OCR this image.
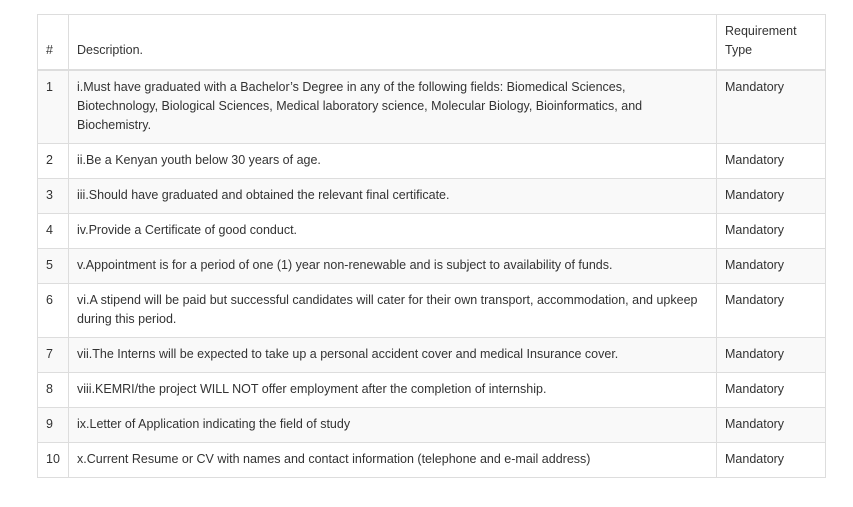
#	Description.	Requirement Type
1	i.Must have graduated with a Bachelor’s Degree in any of the following fields: Biomedical Sciences, Biotechnology, Biological Sciences, Medical laboratory science, Molecular Biology, Bioinformatics, and Biochemistry.	Mandatory
2	ii.Be a Kenyan youth below 30 years of age.	Mandatory
3	iii.Should have graduated and obtained the relevant final certificate.	Mandatory
4	iv.Provide a Certificate of good conduct.	Mandatory
5	v.Appointment is for a period of one (1) year non-renewable and is subject to availability of funds.	Mandatory
6	vi.A stipend will be paid but successful candidates will cater for their own transport, accommodation, and upkeep during this period.	Mandatory
7	vii.The Interns will be expected to take up a personal accident cover and medical Insurance cover.	Mandatory
8	viii.KEMRI/the project WILL NOT offer employment after the completion of internship.	Mandatory
9	ix.Letter of Application indicating the field of study	Mandatory
10	x.Current Resume or CV with names and contact information (telephone and e-mail address)	Mandatory
